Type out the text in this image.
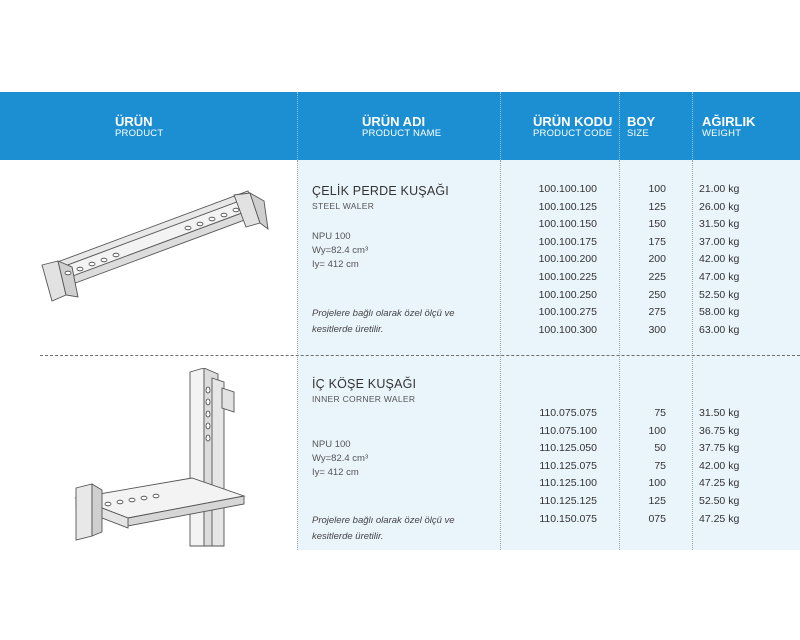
ÜRÜN
PRODUCT
ÜRÜN ADI
PRODUCT NAME
ÜRÜN KODU
PRODUCT CODE
BOY
SIZE
AĞIRLIK
WEIGHT
ÇELİK PERDE KUŞAĞI
STEEL WALER
NPU 100
Wy=82.4 cm³
Iy= 412 cm
Projelere bağlı olarak özel ölçü ve kesitlerde üretilir.
100.100.100
100.100.125
100.100.150
100.100.175
100.100.200
100.100.225
100.100.250
100.100.275
100.100.300
100
125
150
175
200
225
250
275
300
21.00 kg
26.00 kg
31.50 kg
37.00 kg
42.00 kg
47.00 kg
52.50 kg
58.00 kg
63.00 kg
İÇ KÖŞE KUŞAĞI
INNER CORNER WALER
NPU 100
Wy=82.4 cm³
Iy= 412 cm
Projelere bağlı olarak özel ölçü ve kesitlerde üretilir.
110.075.075
110.075.100
110.125.050
110.125.075
110.125.100
110.125.125
110.150.075
75
100
50
75
100
125
075
31.50 kg
36.75 kg
37.75 kg
42.00 kg
47.25 kg
52.50 kg
47.25 kg
